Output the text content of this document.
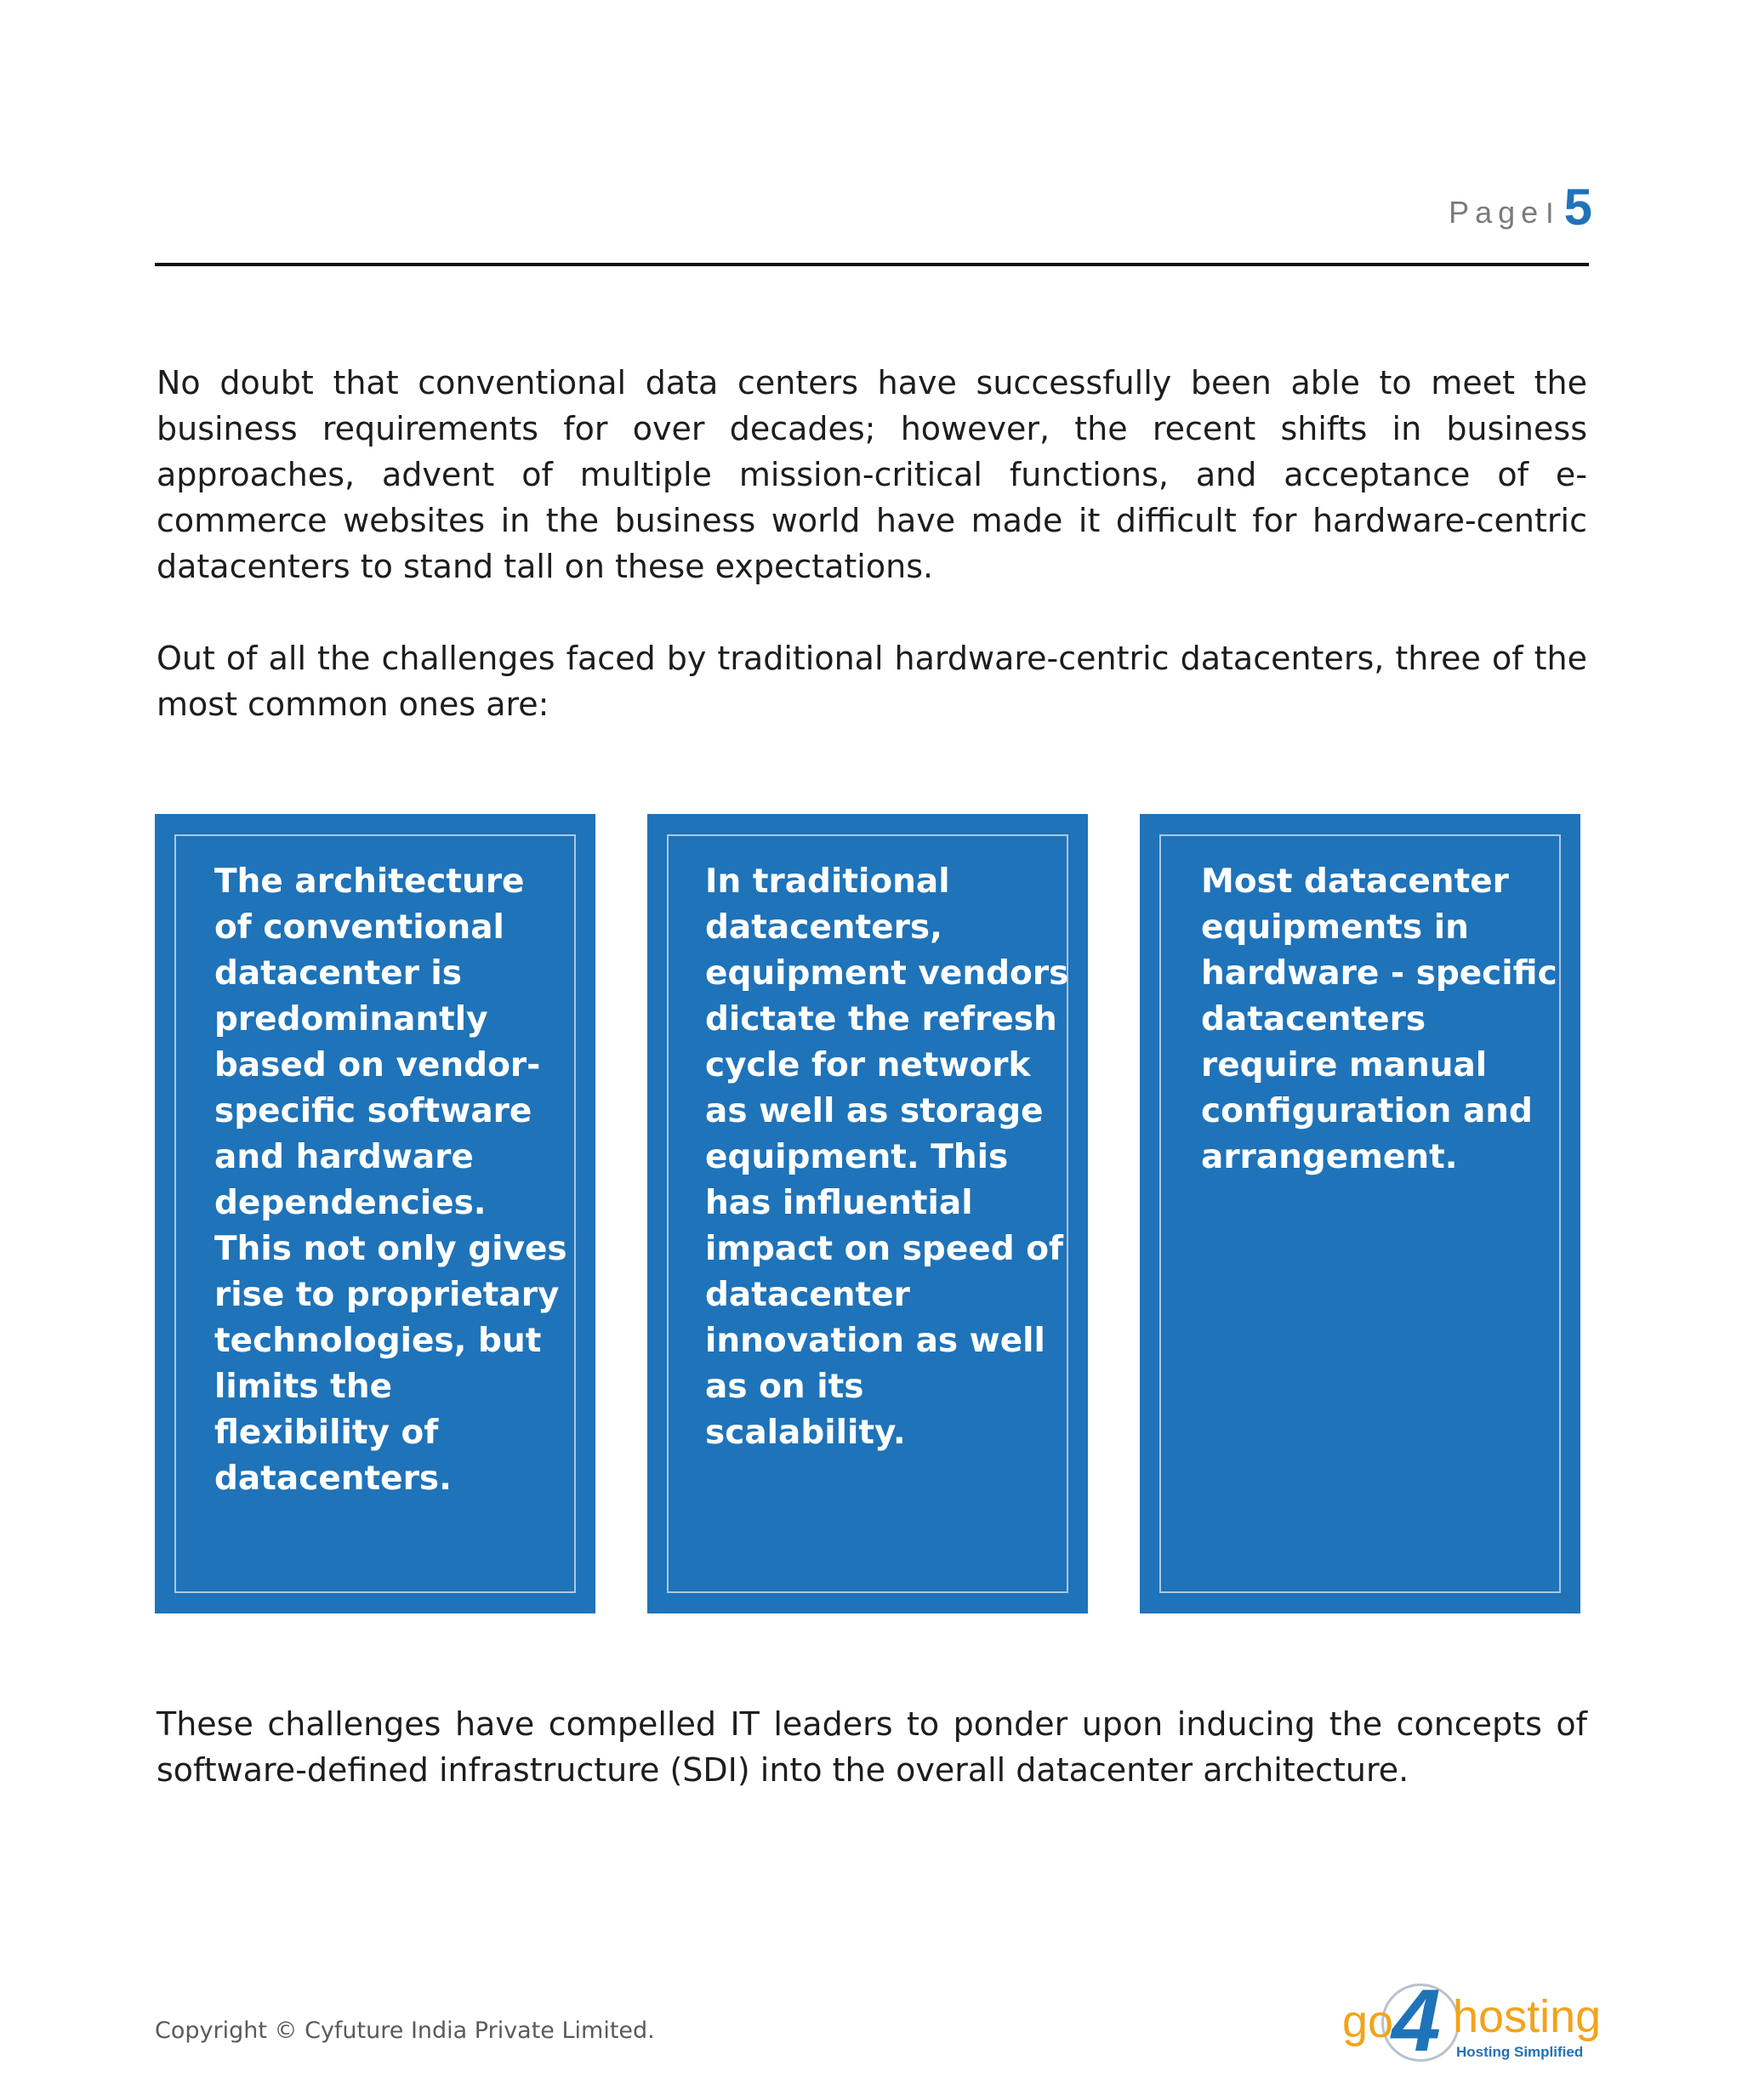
Page I 5

No doubt that conventional data centers have successfully been able to meet the business requirements for over decades; however, the recent shifts in business approaches, advent of multiple mission-critical functions, and acceptance of e-commerce websites in the business world have made it difficult for hardware-centric datacenters to stand tall on these expectations.

Out of all the challenges faced by traditional hardware-centric datacenters, three of the most common ones are:

The architecture of conventional datacenter is predominantly based on vendor-specific software and hardware dependencies. This not only gives rise to proprietary technologies, but limits the flexibility of datacenters.
In traditional datacenters, equipment vendors dictate the refresh cycle for network as well as storage equipment. This has influential impact on speed of datacenter innovation as well as on its scalability.
Most datacenter equipments in hardware - specific datacenters require manual configuration and arrangement.

These challenges have compelled IT leaders to ponder upon inducing the concepts of software-defined infrastructure (SDI) into the overall datacenter architecture.

Copyright © Cyfuture India Private Limited.	go
4 hosting
Hosting Simplified
